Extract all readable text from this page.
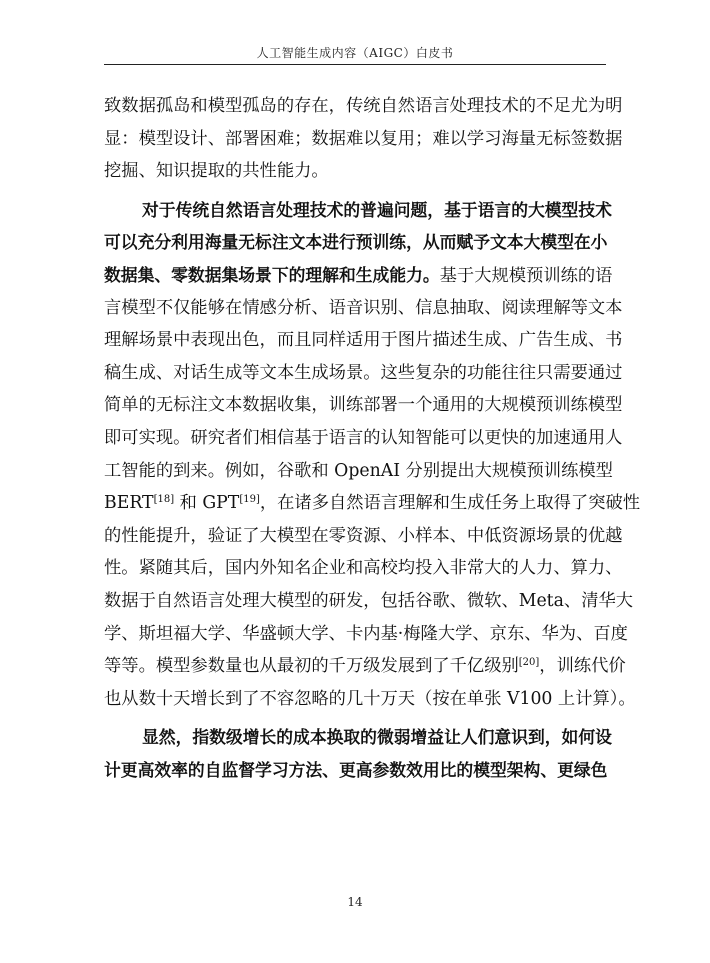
人工智能生成内容（AIGC）白皮书
致数据孤岛和模型孤岛的存在，传统自然语言处理技术的不足尤为明
显：模型设计、部署困难；数据难以复用；难以学习海量无标签数据
挖掘、知识提取的共性能力。
对于传统自然语言处理技术的普遍问题，基于语言的大模型技术
可以充分利用海量无标注文本进行预训练，从而赋予文本大模型在小
数据集、零数据集场景下的理解和生成能力。基于大规模预训练的语
言模型不仅能够在情感分析、语音识别、信息抽取、阅读理解等文本
理解场景中表现出色，而且同样适用于图片描述生成、广告生成、书
稿生成、对话生成等文本生成场景。这些复杂的功能往往只需要通过
简单的无标注文本数据收集，训练部署一个通用的大规模预训练模型
即可实现。研究者们相信基于语言的认知智能可以更快的加速通用人
工智能的到来。例如，谷歌和 OpenAI 分别提出大规模预训练模型
BERT[18] 和 GPT[19]，在诸多自然语言理解和生成任务上取得了突破性
的性能提升，验证了大模型在零资源、小样本、中低资源场景的优越
性。紧随其后，国内外知名企业和高校均投入非常大的人力、算力、
数据于自然语言处理大模型的研发，包括谷歌、微软、Meta、清华大
学、斯坦福大学、华盛顿大学、卡内基·梅隆大学、京东、华为、百度
等等。模型参数量也从最初的千万级发展到了千亿级别[20]，训练代价
也从数十天增长到了不容忽略的几十万天（按在单张 V100 上计算）。
显然，指数级增长的成本换取的微弱增益让人们意识到，如何设
计更高效率的自监督学习方法、更高参数效用比的模型架构、更绿色
14
